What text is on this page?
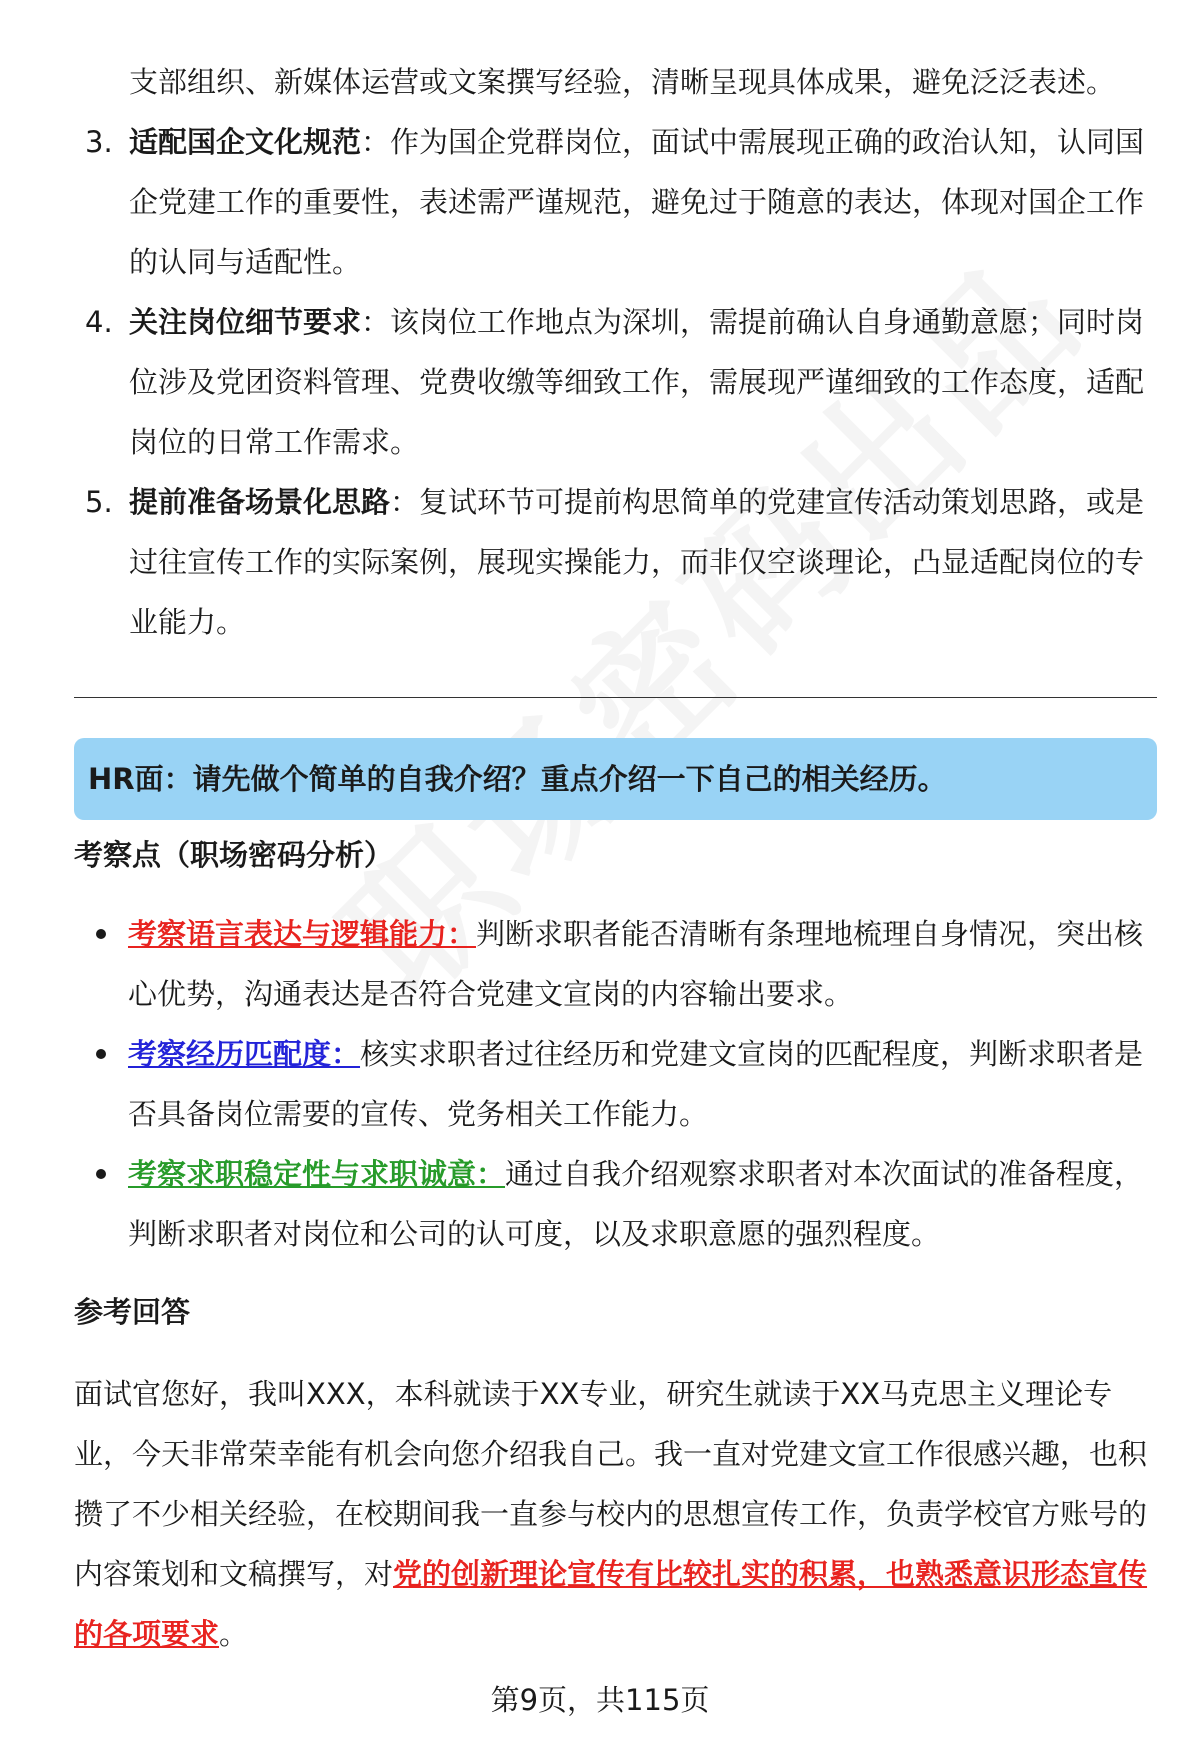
支部组织、新媒体运营或文案撰写经验，清晰呈现具体成果，避免泛泛表述。
3. 适配国企文化规范：作为国企党群岗位，面试中需展现正确的政治认知，认同国企党建工作的重要性，表述需严谨规范，避免过于随意的表达，体现对国企工作的认同与适配性。
4. 关注岗位细节要求：该岗位工作地点为深圳，需提前确认自身通勤意愿；同时岗位涉及党团资料管理、党费收缴等细致工作，需展现严谨细致的工作态度，适配岗位的日常工作需求。
5. 提前准备场景化思路：复试环节可提前构思简单的党建宣传活动策划思路，或是过往宣传工作的实际案例，展现实操能力，而非仅空谈理论，凸显适配岗位的专业能力。
HR面：请先做个简单的自我介绍？重点介绍一下自己的相关经历。
考察点（职场密码分析）
考察语言表达与逻辑能力：判断求职者能否清晰有条理地梳理自身情况，突出核心优势，沟通表达是否符合党建文宣岗的内容输出要求。
考察经历匹配度：核实求职者过往经历和党建文宣岗的匹配程度，判断求职者是否具备岗位需要的宣传、党务相关工作能力。
考察求职稳定性与求职诚意：通过自我介绍观察求职者对本次面试的准备程度，判断求职者对岗位和公司的认可度，以及求职意愿的强烈程度。
参考回答

面试官您好，我叫XXX，本科就读于XX专业，研究生就读于XX马克思主义理论专业，今天非常荣幸能有机会向您介绍我自己。我一直对党建文宣工作很感兴趣，也积攒了不少相关经验，在校期间我一直参与校内的思想宣传工作，负责学校官方账号的内容策划和文稿撰写，对党的创新理论宣传有比较扎实的积累，也熟悉意识形态宣传的各项要求。

第9页，共115页
